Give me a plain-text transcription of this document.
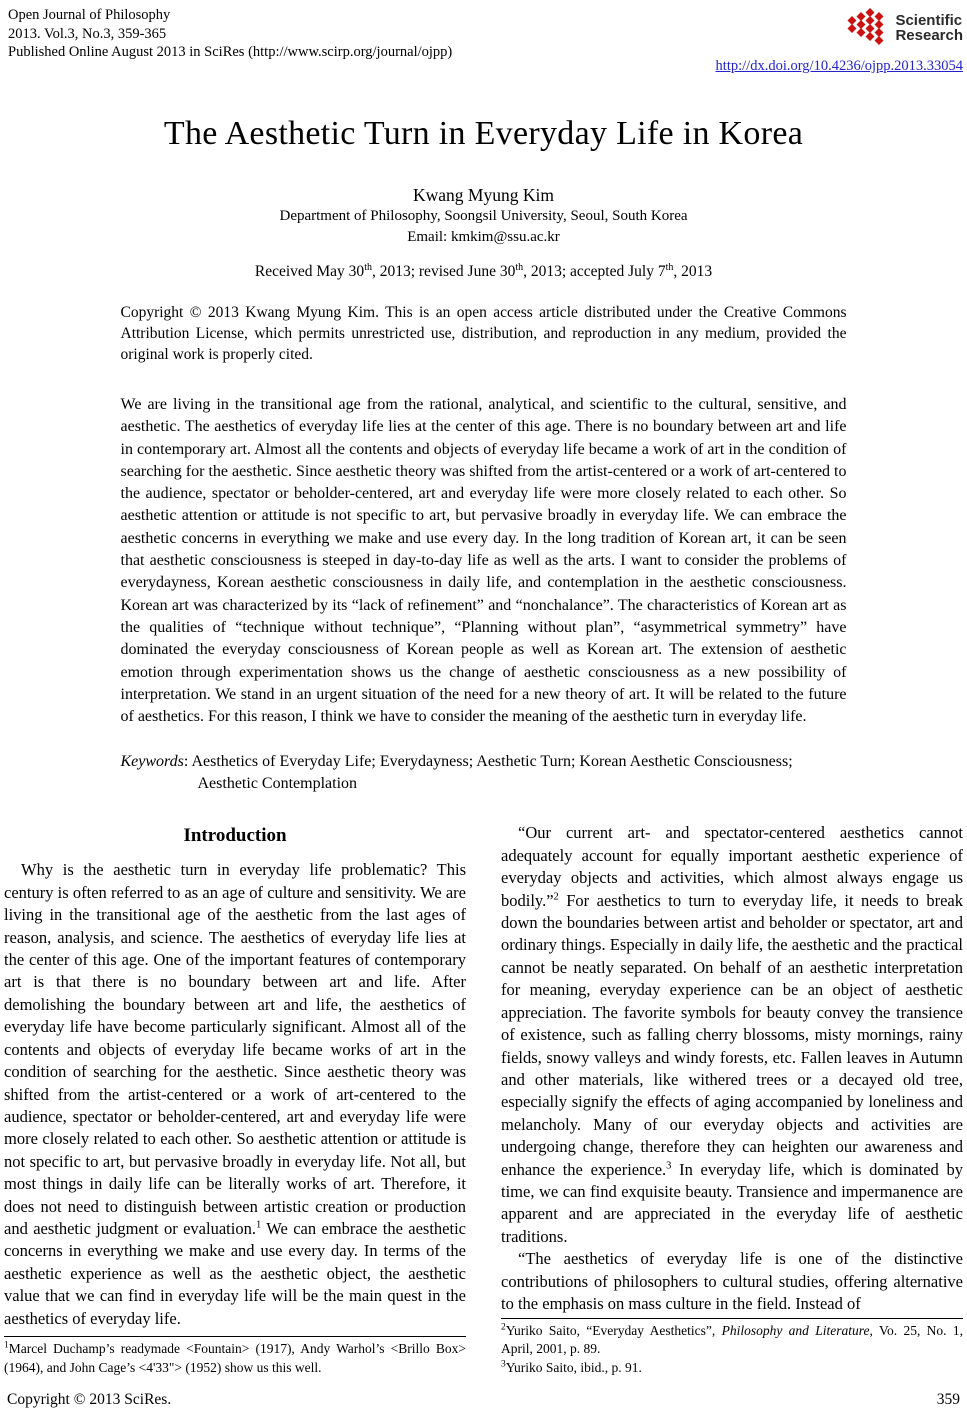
Open Journal of Philosophy
2013. Vol.3, No.3, 359-365
Published Online August 2013 in SciRes (http://www.scirp.org/journal/ojpp)
Scientific
Research
http://dx.doi.org/10.4236/ojpp.2013.33054
The Aesthetic Turn in Everyday Life in Korea
Kwang Myung Kim
Department of Philosophy, Soongsil University, Seoul, South Korea
Email: kmkim@ssu.ac.kr
Received May 30th, 2013; revised June 30th, 2013; accepted July 7th, 2013
Copyright © 2013 Kwang Myung Kim. This is an open access article distributed under the Creative Commons Attribution License, which permits unrestricted use, distribution, and reproduction in any medium, provided the original work is properly cited.
We are living in the transitional age from the rational, analytical, and scientific to the cultural, sensitive, and aesthetic. The aesthetics of everyday life lies at the center of this age. There is no boundary between art and life in contemporary art. Almost all the contents and objects of everyday life became a work of art in the condition of searching for the aesthetic. Since aesthetic theory was shifted from the artist-centered or a work of art-centered to the audience, spectator or beholder-centered, art and everyday life were more closely related to each other. So aesthetic attention or attitude is not specific to art, but pervasive broadly in everyday life. We can embrace the aesthetic concerns in everything we make and use every day. In the long tradition of Korean art, it can be seen that aesthetic consciousness is steeped in day-to-day life as well as the arts. I want to consider the problems of everydayness, Korean aesthetic consciousness in daily life, and contemplation in the aesthetic consciousness. Korean art was characterized by its “lack of refinement” and “nonchalance”. The characteristics of Korean art as the qualities of “technique without technique”, “Planning without plan”, “asymmetrical symmetry” have dominated the everyday consciousness of Korean people as well as Korean art. The extension of aesthetic emotion through experimentation shows us the change of aesthetic consciousness as a new possibility of interpretation. We stand in an urgent situation of the need for a new theory of art. It will be related to the future of aesthetics. For this reason, I think we have to consider the meaning of the aesthetic turn in everyday life.
Keywords: Aesthetics of Everyday Life; Everydayness; Aesthetic Turn; Korean Aesthetic Consciousness; Aesthetic Contemplation
Introduction

Why is the aesthetic turn in everyday life problematic? This century is often referred to as an age of culture and sensitivity. We are living in the transitional age of the aesthetic from the last ages of reason, analysis, and science. The aesthetics of everyday life lies at the center of this age. One of the important features of contemporary art is that there is no boundary between art and life. After demolishing the boundary between art and life, the aesthetics of everyday life have become particularly significant. Almost all of the contents and objects of everyday life became works of art in the condition of searching for the aesthetic. Since aesthetic theory was shifted from the artist-centered or a work of art-centered to the audience, spectator or beholder-centered, art and everyday life were more closely related to each other. So aesthetic attention or attitude is not specific to art, but pervasive broadly in everyday life. Not all, but most things in daily life can be literally works of art. Therefore, it does not need to distinguish between artistic creation or production and aesthetic judgment or evaluation.$^1$ We can embrace the aesthetic concerns in everything we make and use every day. In terms of the aesthetic experience as well as the aesthetic object, the aesthetic value that we can find in everyday life will be the main quest in the aesthetics of everyday life.

$^1$Marcel Duchamp’s readymade <Fountain> (1917), Andy Warhol’s <Brillo Box> (1964), and John Cage’s <4'33"> (1952) show us this well.

“Our current art- and spectator-centered aesthetics cannot adequately account for equally important aesthetic experience of everyday objects and activities, which almost always engage us bodily.”$^2$ For aesthetics to turn to everyday life, it needs to break down the boundaries between artist and beholder or spectator, art and ordinary things. Especially in daily life, the aesthetic and the practical cannot be neatly separated. On behalf of an aesthetic interpretation for meaning, everyday experience can be an object of aesthetic appreciation. The favorite symbols for beauty convey the transience of existence, such as falling cherry blossoms, misty mornings, rainy fields, snowy valleys and windy forests, etc. Fallen leaves in Autumn and other materials, like withered trees or a decayed old tree, especially signify the effects of aging accompanied by loneliness and melancholy. Many of our everyday objects and activities are undergoing change, therefore they can heighten our awareness and enhance the experience.$^3$ In everyday life, which is dominated by time, we can find exquisite beauty. Transience and impermanence are apparent and are appreciated in the everyday life of aesthetic traditions.

“The aesthetics of everyday life is one of the distinctive contributions of philosophers to cultural studies, offering alternative to the emphasis on mass culture in the field. Instead of

$^2$Yuriko Saito, “Everyday Aesthetics”, Philosophy and Literature, Vo. 25, No. 1, April, 2001, p. 89.

$^3$Yuriko Saito, ibid., p. 91.

Copyright © 2013 SciRes.	359
